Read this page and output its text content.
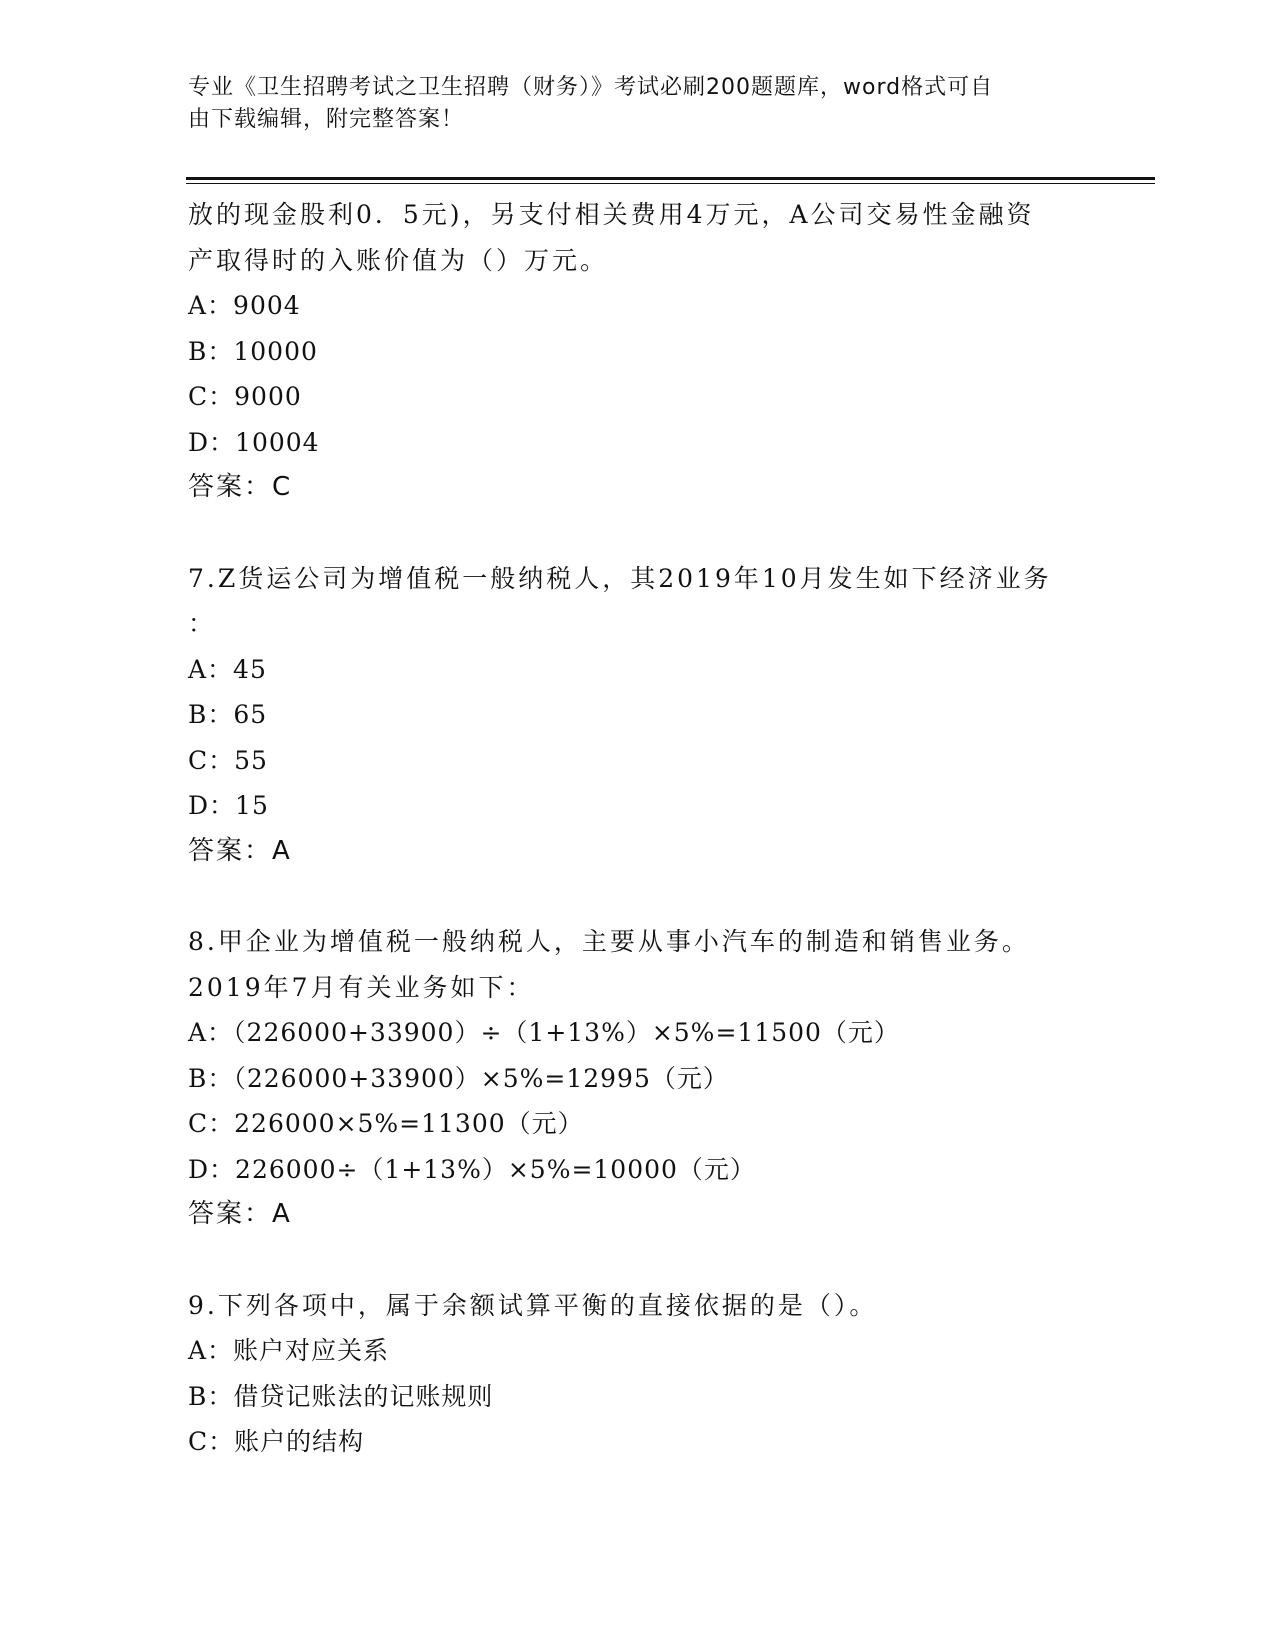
专业《卫生招聘考试之卫生招聘（财务）》考试必刷200题题库，word格式可自
由下载编辑，附完整答案！
放的现金股利0．5元)，另支付相关费用4万元，A公司交易性金融资
产取得时的入账价值为（）万元。
A：9004
B：10000
C：9000
D：10004
答案：C
7.Z货运公司为增值税一般纳税人，其2019年10月发生如下经济业务
：
A：45
B：65
C：55
D：15
答案：A
8.甲企业为增值税一般纳税人，主要从事小汽车的制造和销售业务。
2019年7月有关业务如下：
A：（226000+33900）÷（1+13%）×5%=11500（元）
B：（226000+33900）×5%=12995（元）
C：226000×5%=11300（元）
D：226000÷（1+13%）×5%=10000（元）
答案：A
9.下列各项中，属于余额试算平衡的直接依据的是（）。
A：账户对应关系
B：借贷记账法的记账规则
C：账户的结构
